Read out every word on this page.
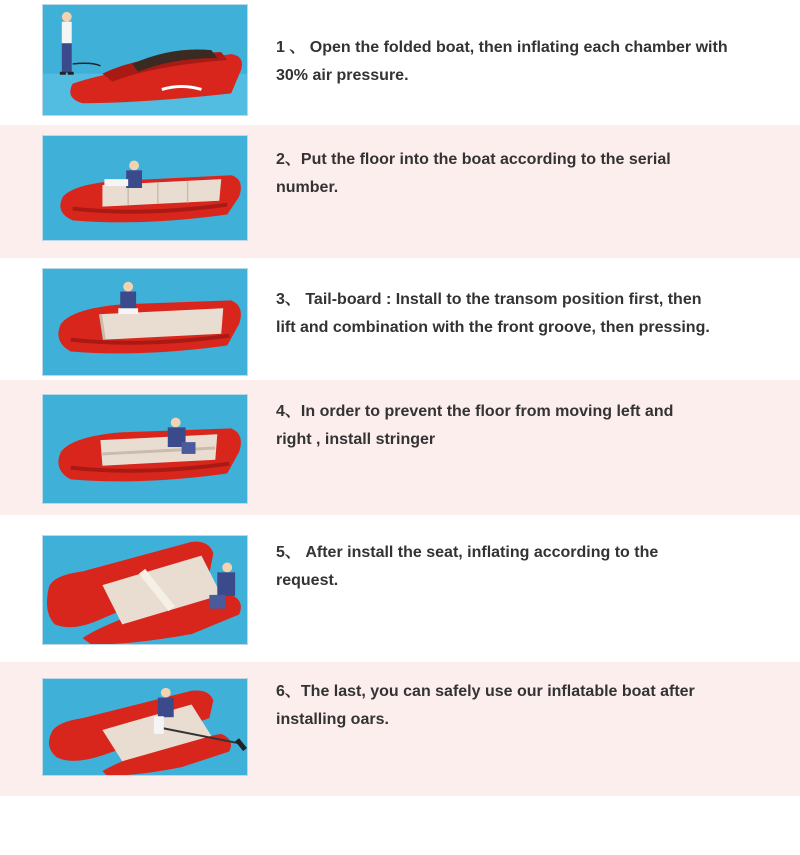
1 、 Open the folded boat, then inflating each chamber with
30% air pressure.

2、Put the floor into the boat according to the serial
number.

3、 Tail-board : Install to the transom position first, then
lift and combination with the front groove, then pressing.

4、In order to prevent the floor from moving left and
right , install stringer

5、 After install the seat, inflating according to the
request.

6、The last, you can safely use our inflatable boat after
installing oars.
